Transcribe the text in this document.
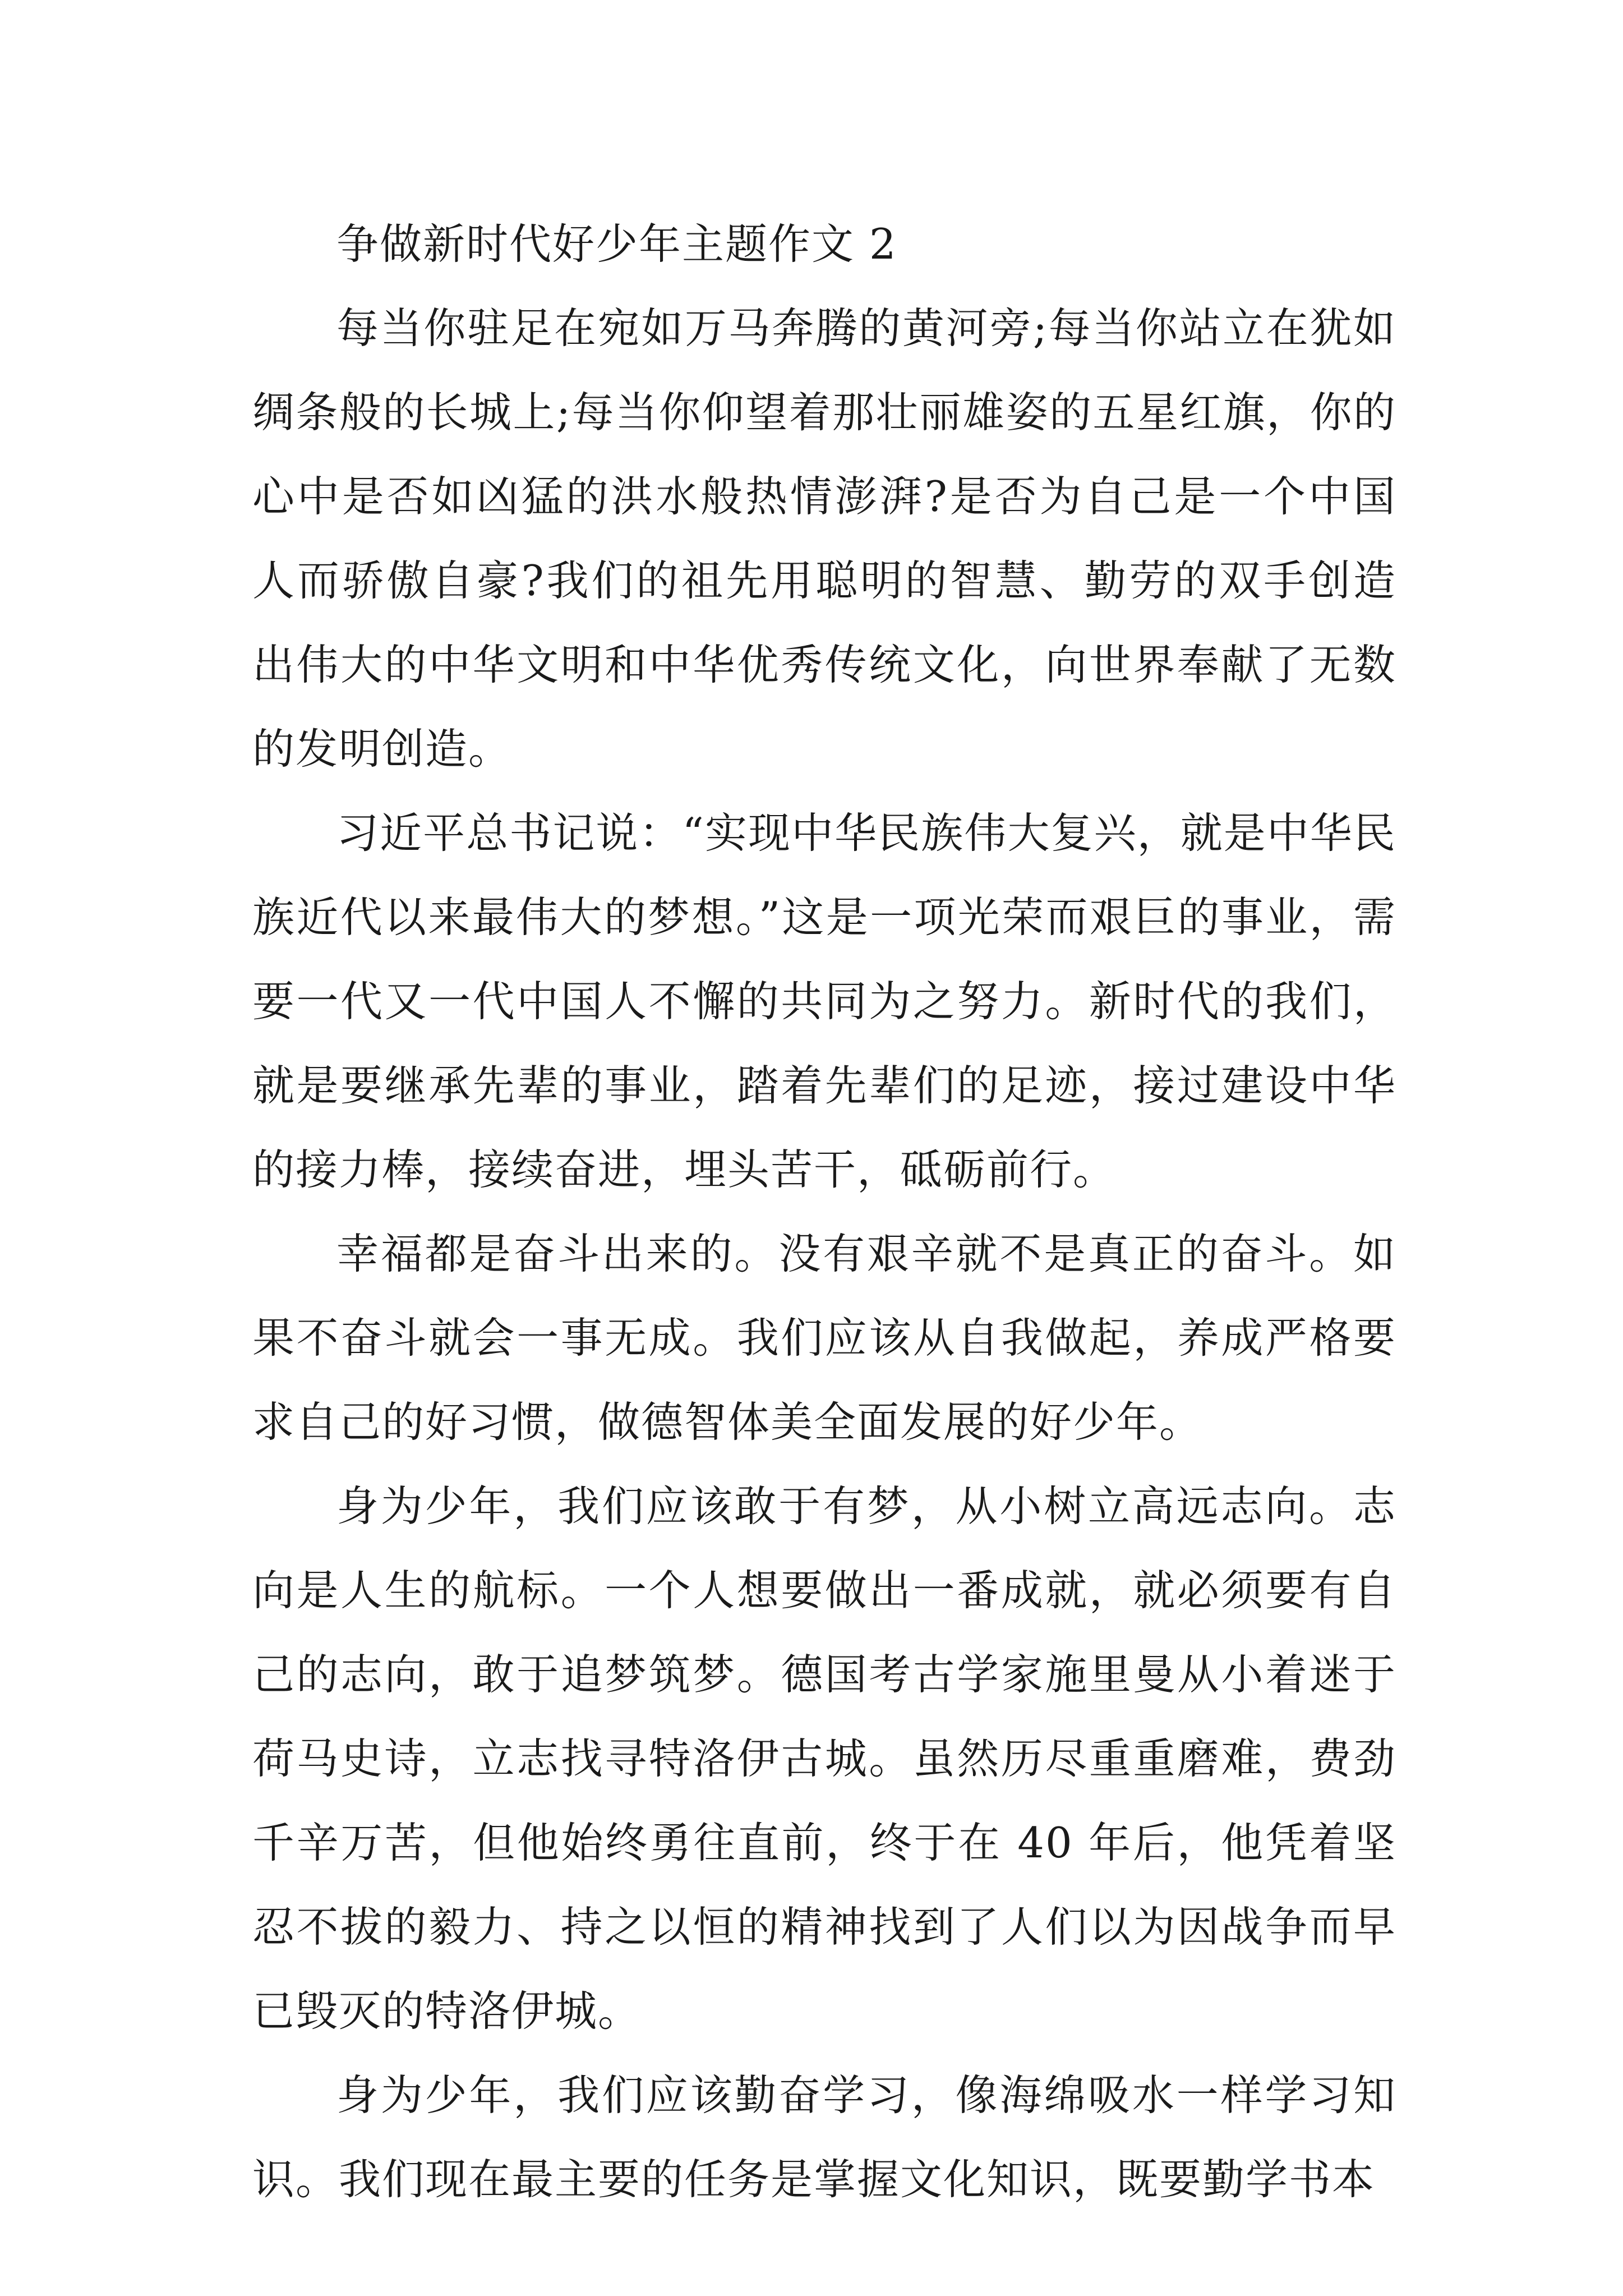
争做新时代好少年主题作文 2

每当你驻足在宛如万马奔腾的黄河旁;每当你站立在犹如绸条般的长城上;每当你仰望着那壮丽雄姿的五星红旗，你的心中是否如凶猛的洪水般热情澎湃?是否为自己是一个中国人而骄傲自豪?我们的祖先用聪明的智慧、勤劳的双手创造出伟大的中华文明和中华优秀传统文化，向世界奉献了无数的发明创造。

习近平总书记说：“实现中华民族伟大复兴，就是中华民族近代以来最伟大的梦想。”这是一项光荣而艰巨的事业，需要一代又一代中国人不懈的共同为之努力。新时代的我们，就是要继承先辈的事业，踏着先辈们的足迹，接过建设中华的接力棒，接续奋进，埋头苦干，砥砺前行。

幸福都是奋斗出来的。没有艰辛就不是真正的奋斗。如果不奋斗就会一事无成。我们应该从自我做起，养成严格要求自己的好习惯，做德智体美全面发展的好少年。

身为少年，我们应该敢于有梦，从小树立高远志向。志向是人生的航标。一个人想要做出一番成就，就必须要有自己的志向，敢于追梦筑梦。德国考古学家施里曼从小着迷于荷马史诗，立志找寻特洛伊古城。虽然历尽重重磨难，费劲千辛万苦，但他始终勇往直前，终于在 40 年后，他凭着坚忍不拔的毅力、持之以恒的精神找到了人们以为因战争而早已毁灭的特洛伊城。

身为少年，我们应该勤奋学习，像海绵吸水一样学习知识。我们现在最主要的任务是掌握文化知识，既要勤学书本
